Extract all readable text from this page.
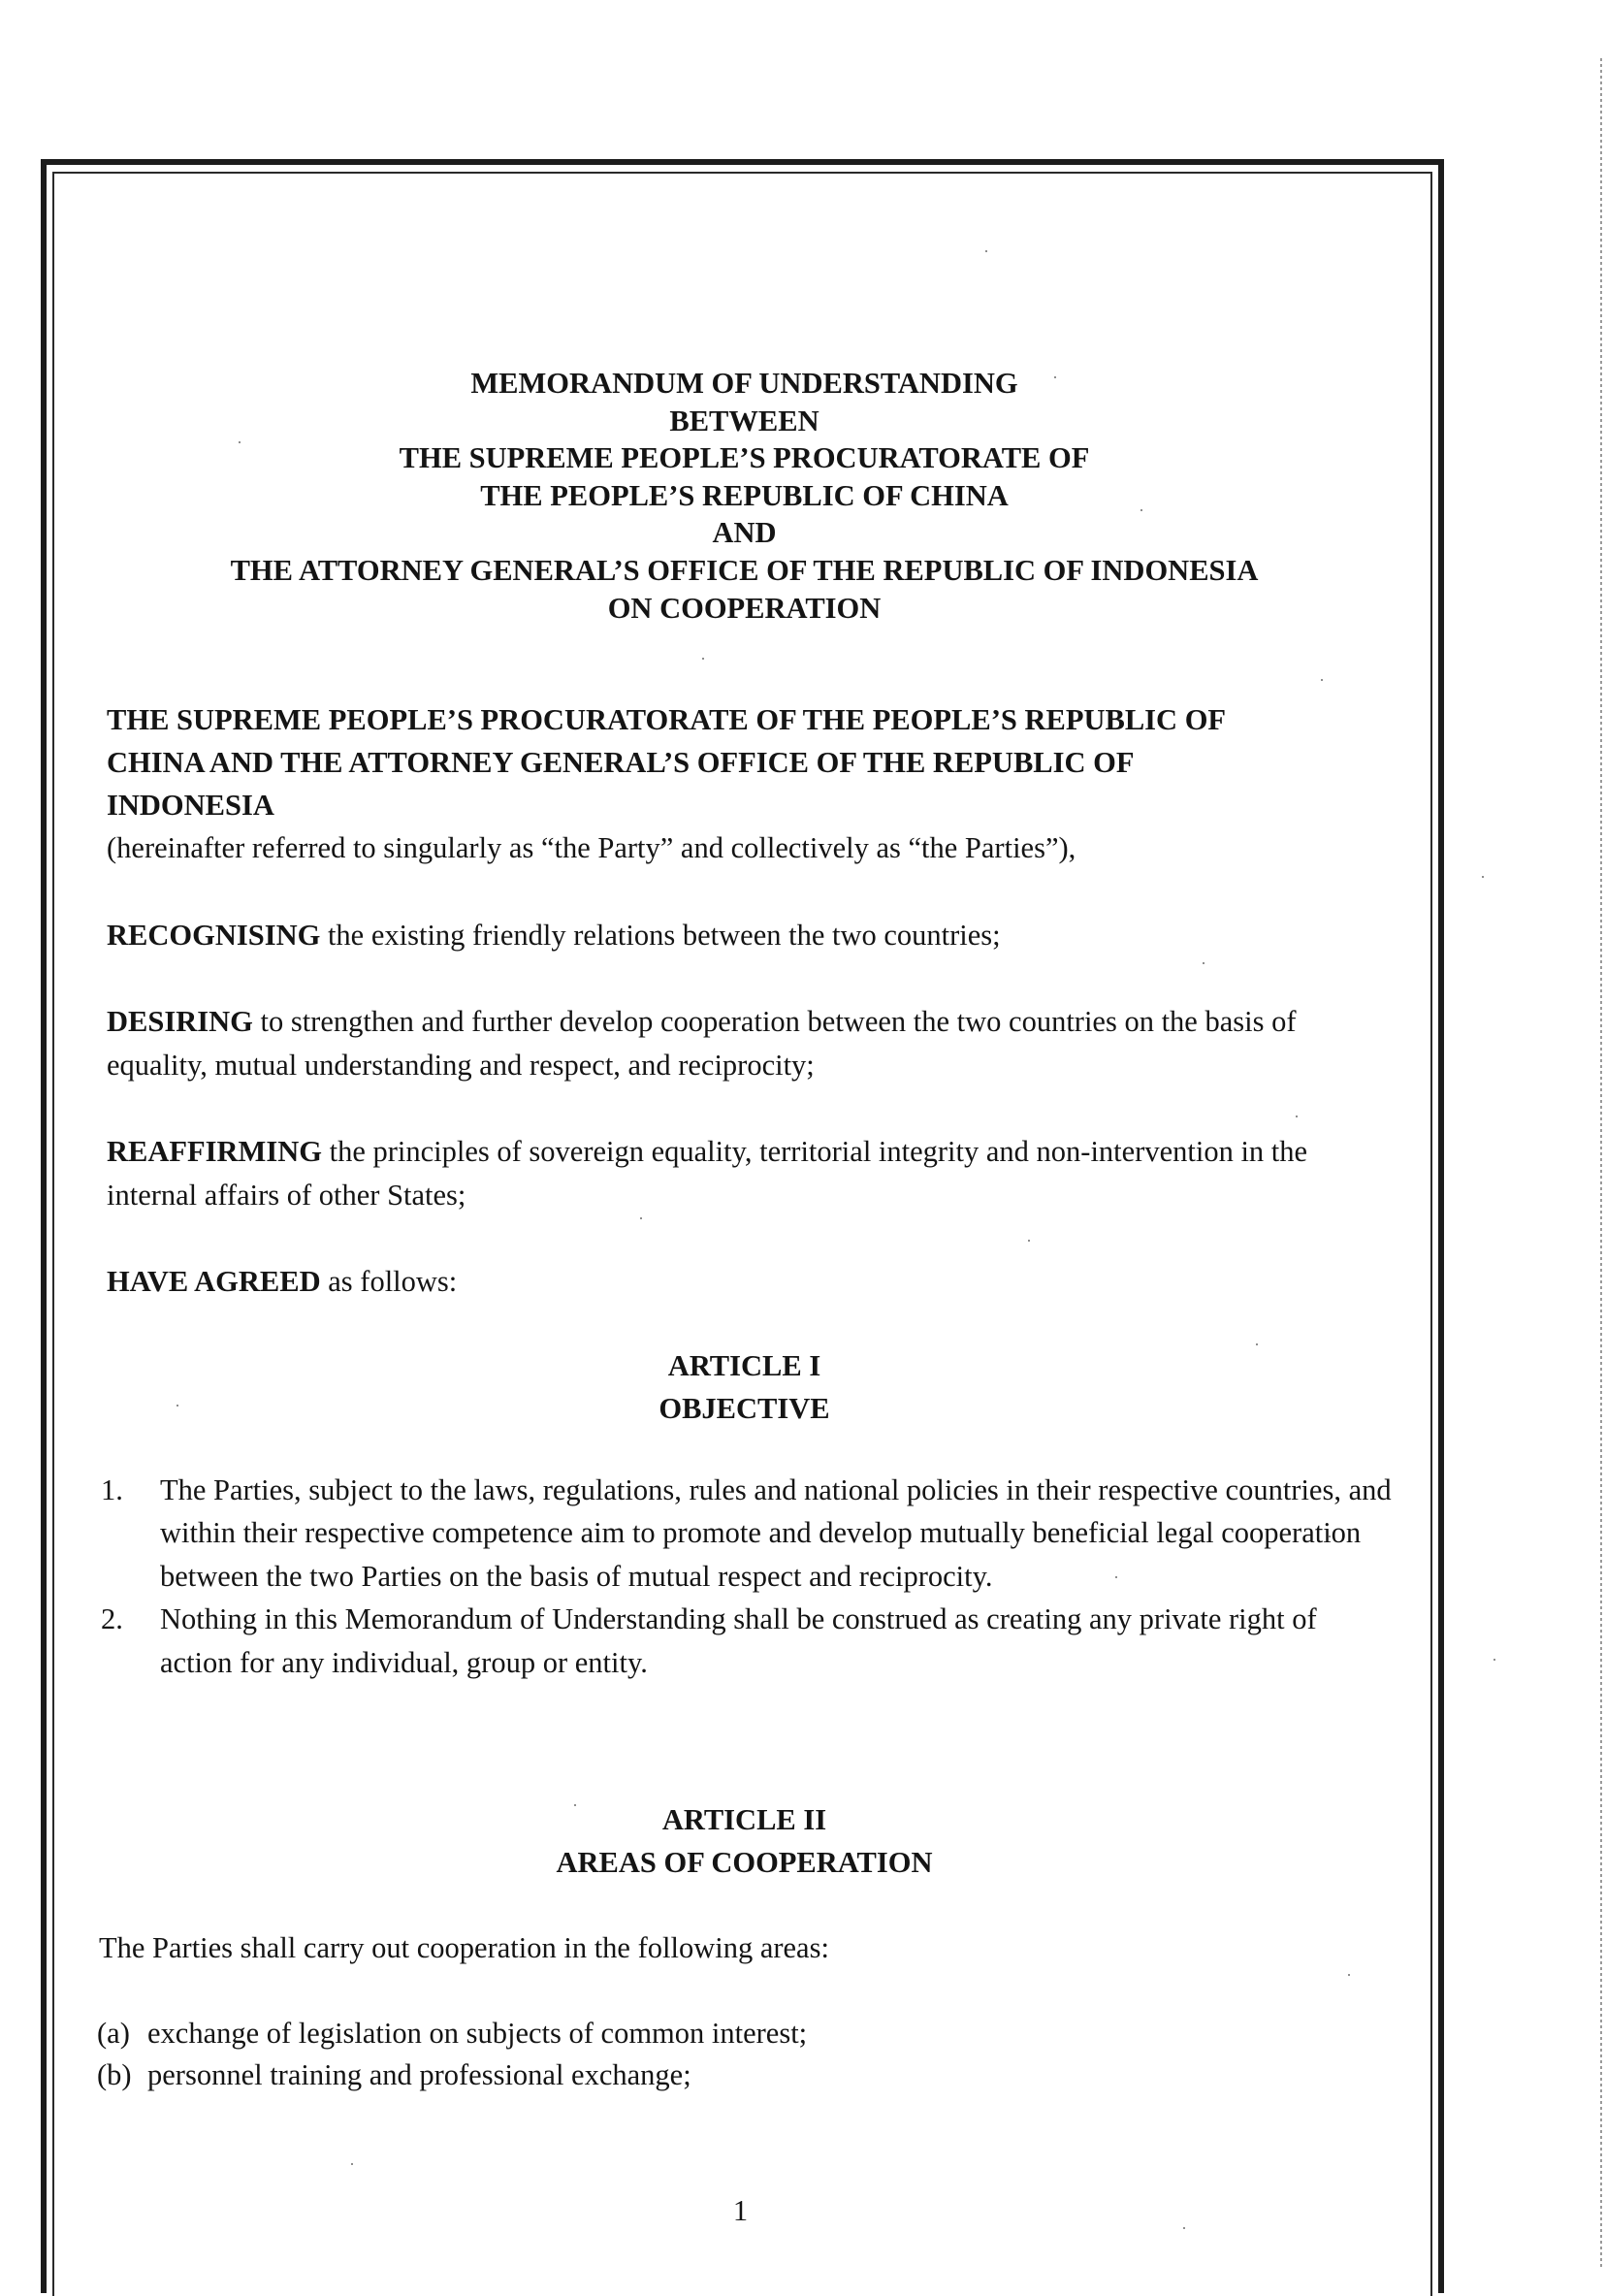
MEMORANDUM OF UNDERSTANDING
BETWEEN
THE SUPREME PEOPLE’S PROCURATORATE OF
THE PEOPLE’S REPUBLIC OF CHINA
AND
THE ATTORNEY GENERAL’S OFFICE OF THE REPUBLIC OF INDONESIA
ON COOPERATION
THE SUPREME PEOPLE’S PROCURATORATE OF THE PEOPLE’S REPUBLIC OF
CHINA AND THE ATTORNEY GENERAL’S OFFICE OF THE REPUBLIC OF
INDONESIA
(hereinafter referred to singularly as “the Party” and collectively as “the Parties”),
RECOGNISING the existing friendly relations between the two countries;
DESIRING to strengthen and further develop cooperation between the two countries on the basis of equality, mutual understanding and respect, and reciprocity;
REAFFIRMING the principles of sovereign equality, territorial integrity and non-intervention in the internal affairs of other States;
HAVE AGREED as follows:
ARTICLE I
OBJECTIVE
1. The Parties, subject to the laws, regulations, rules and national policies in their respective countries, and within their respective competence aim to promote and develop mutually beneficial legal cooperation between the two Parties on the basis of mutual respect and reciprocity.
2. Nothing in this Memorandum of Understanding shall be construed as creating any private right of action for any individual, group or entity.
ARTICLE II
AREAS OF COOPERATION
The Parties shall carry out cooperation in the following areas:
(a) exchange of legislation on subjects of common interest;
(b) personnel training and professional exchange;
1
